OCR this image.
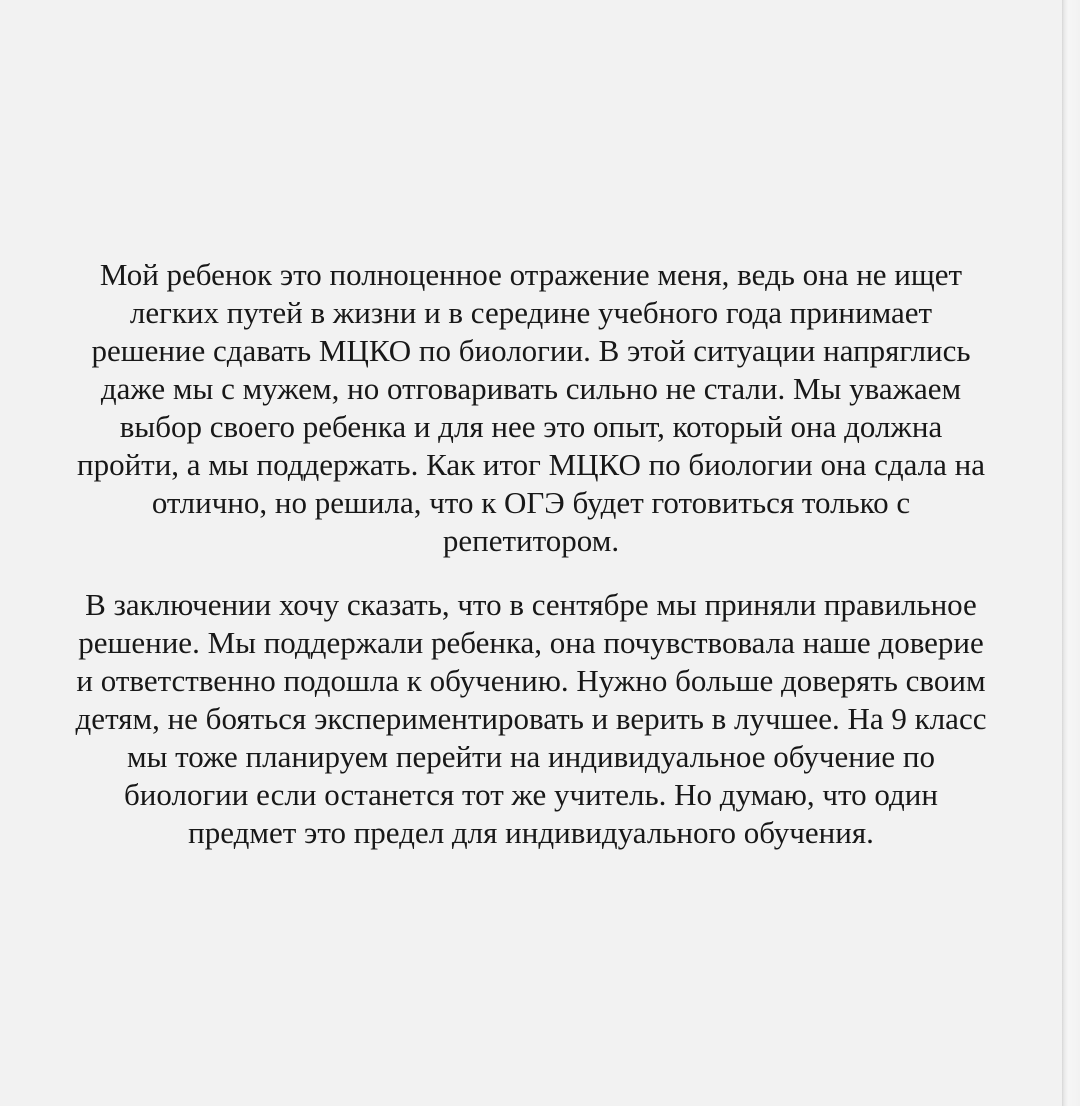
Мой ребенок это полноценное отражение меня, ведь она не ищет
легких путей в жизни и в середине учебного года принимает
решение сдавать МЦКО по биологии. В этой ситуации напряглись
даже мы с мужем, но отговаривать сильно не стали. Мы уважаем
выбор своего ребенка и для нее это опыт, который она должна
пройти, а мы поддержать. Как итог МЦКО по биологии она сдала на
отлично, но решила, что к ОГЭ будет готовиться только с
репетитором.
В заключении хочу сказать, что в сентябре мы приняли правильное
решение. Мы поддержали ребенка, она почувствовала наше доверие
и ответственно подошла к обучению. Нужно больше доверять своим
детям, не бояться экспериментировать и верить в лучшее. На 9 класс
мы тоже планируем перейти на индивидуальное обучение по
биологии если останется тот же учитель. Но думаю, что один
предмет это предел для индивидуального обучения.
